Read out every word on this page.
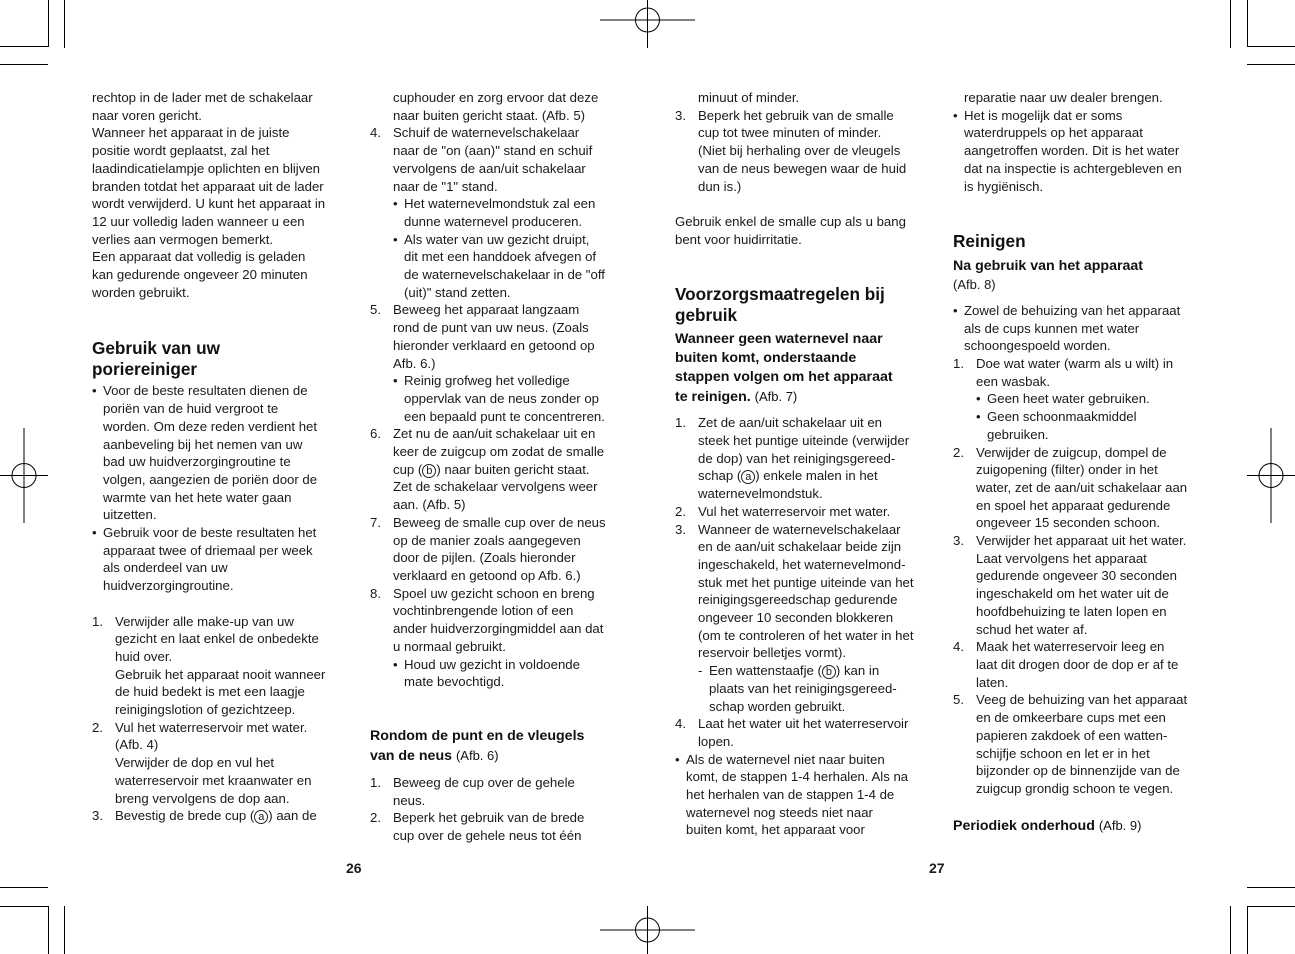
rechtop in de lader met de schakelaar

naar voren gericht.

Wanneer het apparaat in de juiste

positie wordt geplaatst, zal het

laadindicatielampje oplichten en blijven

branden totdat het apparaat uit de lader

wordt verwijderd. U kunt het apparaat in

12 uur volledig laden wanneer u een

verlies aan vermogen bemerkt.

Een apparaat dat volledig is geladen

kan gedurende ongeveer 20 minuten

worden gebruikt.

Gebruik van uw
poriereiniger
• Voor de beste resultaten dienen de

poriën van de huid vergroot te

worden. Om deze reden verdient het

aanbeveling bij het nemen van uw

bad uw huidverzorgingroutine te

volgen, aangezien de poriën door de

warmte van het hete water gaan

uitzetten.

• Gebruik voor de beste resultaten het

apparaat twee of driemaal per week

als onderdeel van uw

huidverzorgingroutine.

1. Verwijder alle make-up van uw

gezicht en laat enkel de onbedekte

huid over.

Gebruik het apparaat nooit wanneer

de huid bedekt is met een laagje

reinigingslotion of gezichtzeep.

2. Vul het waterreservoir met water.

(Afb. 4)

Verwijder de dop en vul het

waterreservoir met kraanwater en

breng vervolgens de dop aan.

3. Bevestig de brede cup ( a ) aan de

cuphouder en zorg ervoor dat deze

naar buiten gericht staat. (Afb. 5)

4. Schuif de waternevelschakelaar

naar de "on (aan)" stand en schuif

vervolgens de aan/uit schakelaar

naar de "1" stand.

• Het waternevelmondstuk zal een

dunne waternevel produceren.

• Als water van uw gezicht druipt,

dit met een handdoek afvegen of

de waternevelschakelaar in de "off

(uit)" stand zetten.

5. Beweeg het apparaat langzaam

rond de punt van uw neus. (Zoals

hieronder verklaard en getoond op

Afb. 6.)

• Reinig grofweg het volledige

oppervlak van de neus zonder op

een bepaald punt te concentreren.

6. Zet nu de aan/uit schakelaar uit en

keer de zuigcup om zodat de smalle

cup ( b ) naar buiten gericht staat.

Zet de schakelaar vervolgens weer

aan. (Afb. 5)

7. Beweeg de smalle cup over de neus

op de manier zoals aangegeven

door de pijlen. (Zoals hieronder

verklaard en getoond op Afb. 6.)

8. Spoel uw gezicht schoon en breng

vochtinbrengende lotion of een

ander huidverzorgingmiddel aan dat

u normaal gebruikt.

• Houd uw gezicht in voldoende

mate bevochtigd.

Rondom de punt en de vleugels
van de neus (Afb. 6)
1. Beweeg de cup over de gehele

neus.

2. Beperk het gebruik van de brede

cup over de gehele neus tot één

minuut of minder.

3. Beperk het gebruik van de smalle

cup tot twee minuten of minder.

(Niet bij herhaling over de vleugels

van de neus bewegen waar de huid

dun is.)

Gebruik enkel de smalle cup als u bang

bent voor huidirritatie.

Voorzorgsmaatregelen bij
gebruik
Wanneer geen waternevel naar
buiten komt, onderstaande
stappen volgen om het apparaat
te reinigen. (Afb. 7)
1. Zet de aan/uit schakelaar uit en

steek het puntige uiteinde (verwijder

de dop) van het reinigingsgereed-

schap ( a ) enkele malen in het

waternevelmondstuk.

2. Vul het waterreservoir met water.

3. Wanneer de waternevelschakelaar

en de aan/uit schakelaar beide zijn

ingeschakeld, het waternevelmond-

stuk met het puntige uiteinde van het

reinigingsgereedschap gedurende

ongeveer 10 seconden blokkeren

(om te controleren of het water in het

reservoir belletjes vormt).

- Een wattenstaafje ( b ) kan in

plaats van het reinigingsgereed-

schap worden gebruikt.

4. Laat het water uit het waterreservoir

lopen.

• Als de waternevel niet naar buiten

komt, de stappen 1-4 herhalen. Als na

het herhalen van de stappen 1-4 de

waternevel nog steeds niet naar

buiten komt, het apparaat voor

reparatie naar uw dealer brengen.

• Het is mogelijk dat er soms

waterdruppels op het apparaat

aangetroffen worden. Dit is het water

dat na inspectie is achtergebleven en

is hygiënisch.

Reinigen
Na gebruik van het apparaat

(Afb. 8)

• Zowel de behuizing van het apparaat

als de cups kunnen met water

schoongespoeld worden.

1. Doe wat water (warm als u wilt) in

een wasbak.

• Geen heet water gebruiken.

• Geen schoonmaakmiddel

gebruiken.

2. Verwijder de zuigcup, dompel de

zuigopening (filter) onder in het

water, zet de aan/uit schakelaar aan

en spoel het apparaat gedurende

ongeveer 15 seconden schoon.

3. Verwijder het apparaat uit het water.

Laat vervolgens het apparaat

gedurende ongeveer 30 seconden

ingeschakeld om het water uit de

hoofdbehuizing te laten lopen en

schud het water af.

4. Maak het waterreservoir leeg en

laat dit drogen door de dop er af te

laten.

5. Veeg de behuizing van het apparaat

en de omkeerbare cups met een

papieren zakdoek of een watten-

schijfje schoon en let er in het

bijzonder op de binnenzijde van de

zuigcup grondig schoon te vegen.

Periodiek onderhoud (Afb. 9)
26	27
